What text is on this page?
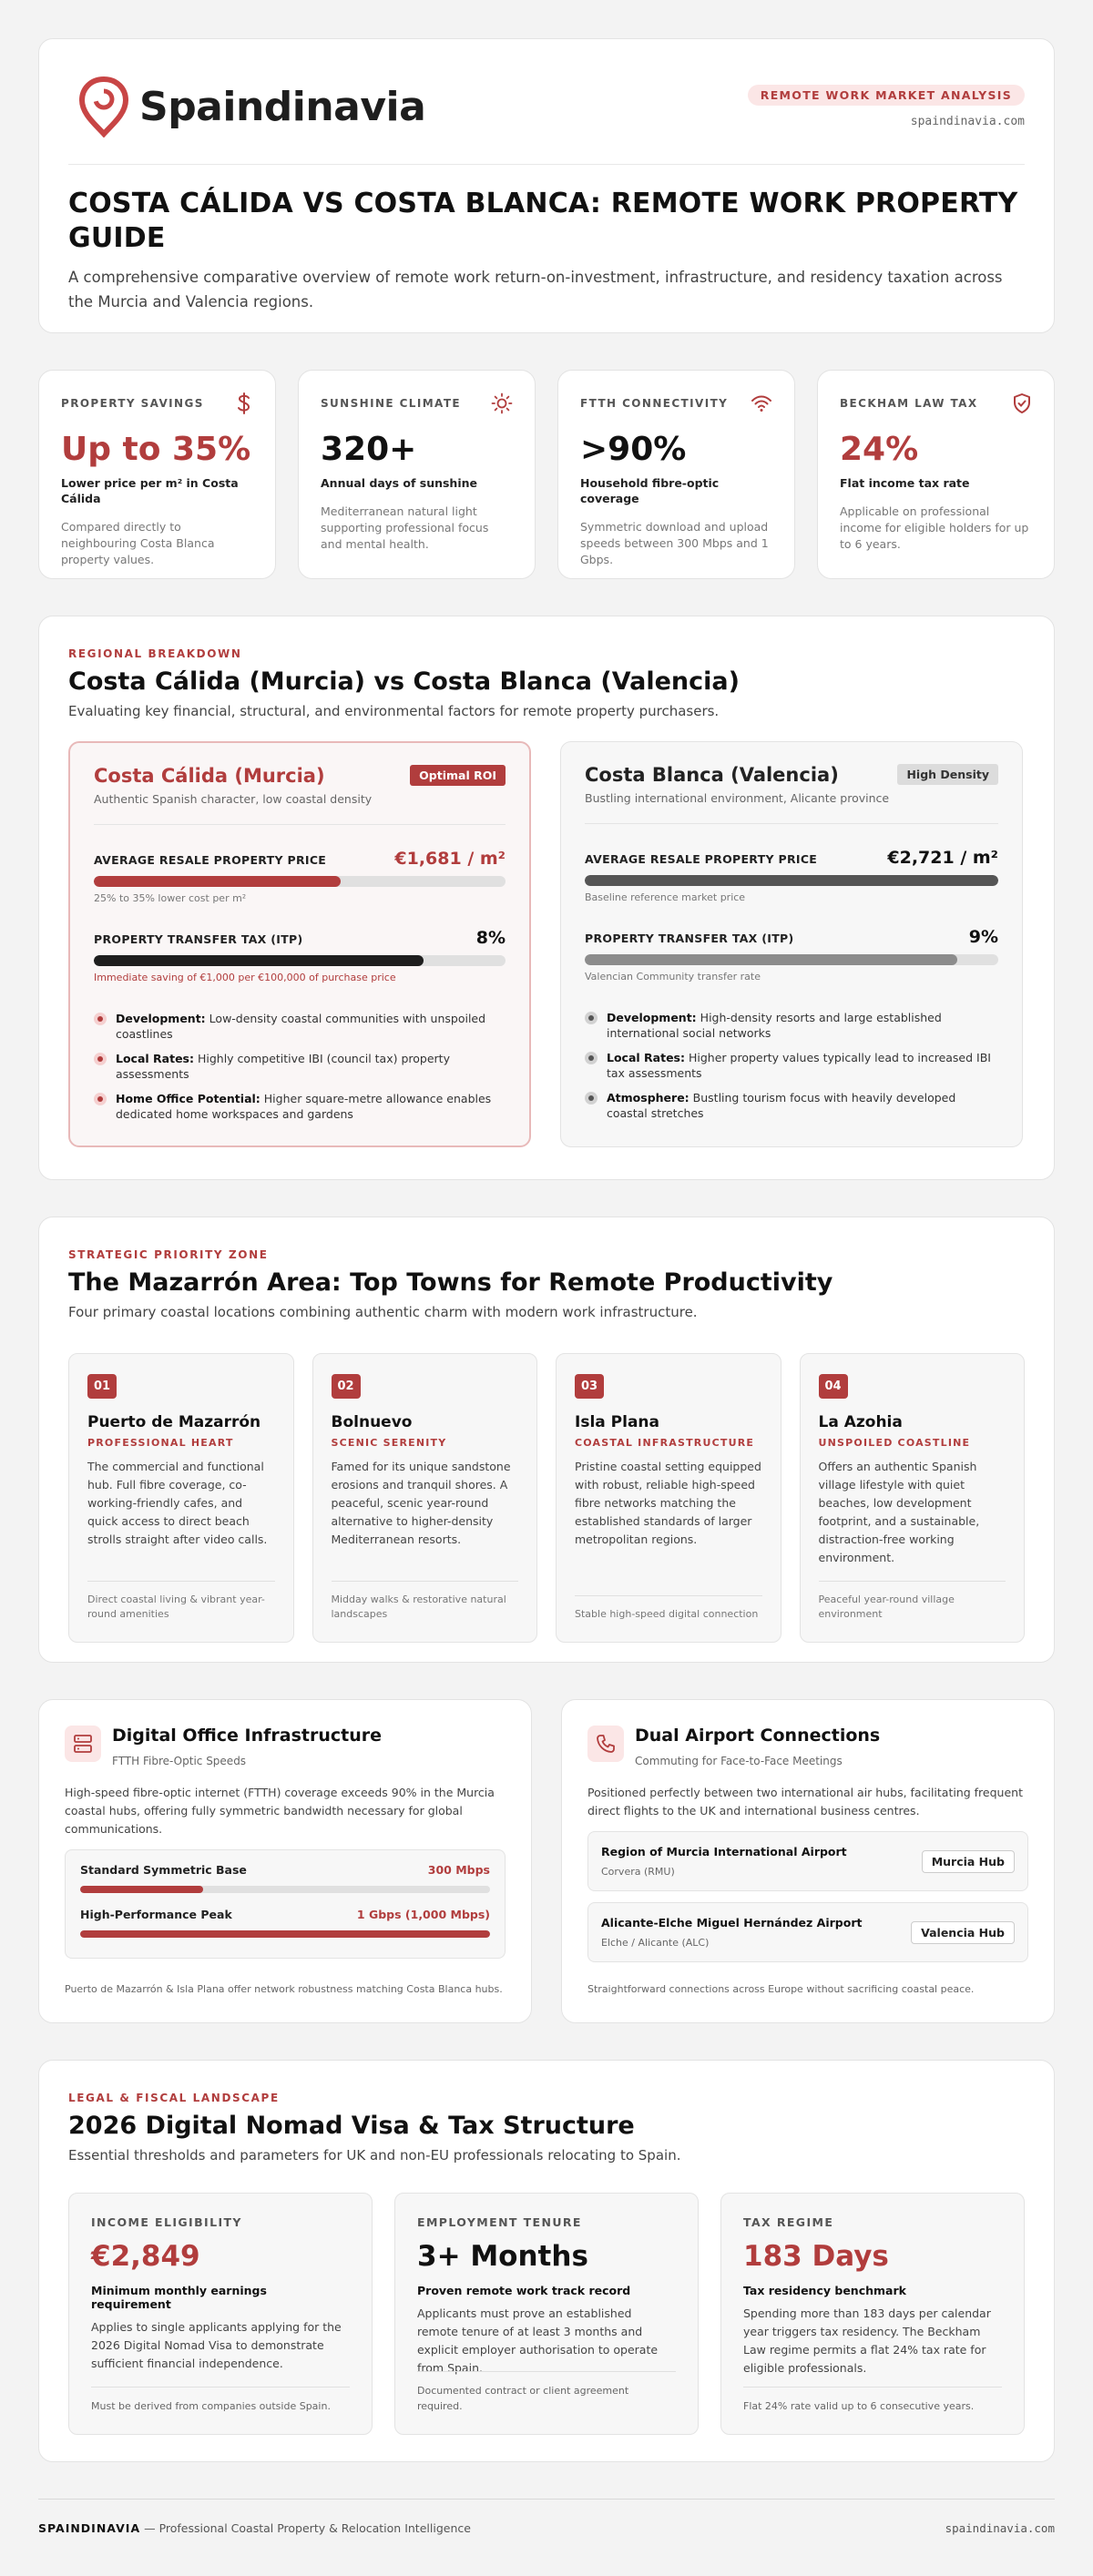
Spaindinavia	REMOTE WORK MARKET ANALYSIS
spaindinavia.com
COSTA CÁLIDA VS COSTA BLANCA: REMOTE WORK PROPERTY GUIDE

A comprehensive comparative overview of remote work return-on-investment, infrastructure, and residency taxation across the Murcia and Valencia regions.

PROPERTY SAVINGS
Up to 35%
Lower price per m² in Costa Cálida
Compared directly to neighbouring Costa Blanca property values.
SUNSHINE CLIMATE
320+
Annual days of sunshine
Mediterranean natural light supporting professional focus and mental health.
FTTH CONNECTIVITY
>90%
Household fibre-optic coverage
Symmetric download and upload speeds between 300 Mbps and 1 Gbps.
BECKHAM LAW TAX
24%
Flat income tax rate
Applicable on professional income for eligible holders for up to 6 years.
REGIONAL BREAKDOWN
Costa Cálida (Murcia) vs Costa Blanca (Valencia)

Evaluating key financial, structural, and environmental factors for remote property purchasers.

Costa Cálida (Murcia)
Authentic Spanish character, low coastal density
Optimal ROI
AVERAGE RESALE PROPERTY PRICE	€1,681 / m²
25% to 35% lower cost per m²
PROPERTY TRANSFER TAX (ITP)	8%
Immediate saving of €1,000 per €100,000 of purchase price
Development: Low-density coastal communities with unspoiled coastlines
Local Rates: Highly competitive IBI (council tax) property assessments
Home Office Potential: Higher square-metre allowance enables dedicated home workspaces and gardens
Costa Blanca (Valencia)
Bustling international environment, Alicante province
High Density
AVERAGE RESALE PROPERTY PRICE	€2,721 / m²
Baseline reference market price
PROPERTY TRANSFER TAX (ITP)	9%
Valencian Community transfer rate
Development: High-density resorts and large established international social networks
Local Rates: Higher property values typically lead to increased IBI tax assessments
Atmosphere: Bustling tourism focus with heavily developed coastal stretches
STRATEGIC PRIORITY ZONE
The Mazarrón Area: Top Towns for Remote Productivity

Four primary coastal locations combining authentic charm with modern work infrastructure.

01
Puerto de Mazarrón
PROFESSIONAL HEART
The commercial and functional hub. Full fibre coverage, co-working-friendly cafes, and quick access to direct beach strolls straight after video calls.
Direct coastal living & vibrant year-round amenities
02
Bolnuevo
SCENIC SERENITY
Famed for its unique sandstone erosions and tranquil shores. A peaceful, scenic year-round alternative to higher-density Mediterranean resorts.
Midday walks & restorative natural landscapes
03
Isla Plana
COASTAL INFRASTRUCTURE
Pristine coastal setting equipped with robust, reliable high-speed fibre networks matching the established standards of larger metropolitan regions.
Stable high-speed digital connection
04
La Azohia
UNSPOILED COASTLINE
Offers an authentic Spanish village lifestyle with quiet beaches, low development footprint, and a sustainable, distraction-free working environment.
Peaceful year-round village environment
Digital Office Infrastructure
FTTH Fibre-Optic Speeds

High-speed fibre-optic internet (FTTH) coverage exceeds 90% in the Murcia coastal hubs, offering fully symmetric bandwidth necessary for global communications.

Standard Symmetric Base	300 Mbps
High-Performance Peak	1 Gbps (1,000 Mbps)
Puerto de Mazarrón & Isla Plana offer network robustness matching Costa Blanca hubs.
Dual Airport Connections
Commuting for Face-to-Face Meetings

Positioned perfectly between two international air hubs, facilitating frequent direct flights to the UK and international business centres.

Region of Murcia International Airport
Corvera (RMU)
Murcia Hub
Alicante-Elche Miguel Hernández Airport
Elche / Alicante (ALC)
Valencia Hub
Straightforward connections across Europe without sacrificing coastal peace.
LEGAL & FISCAL LANDSCAPE
2026 Digital Nomad Visa & Tax Structure

Essential thresholds and parameters for UK and non-EU professionals relocating to Spain.

INCOME ELIGIBILITY
€2,849
Minimum monthly earnings requirement
Applies to single applicants applying for the 2026 Digital Nomad Visa to demonstrate sufficient financial independence.
Must be derived from companies outside Spain.
EMPLOYMENT TENURE
3+ Months
Proven remote work track record
Applicants must prove an established remote tenure of at least 3 months and explicit employer authorisation to operate from Spain.
Documented contract or client agreement required.
TAX REGIME
183 Days
Tax residency benchmark
Spending more than 183 days per calendar year triggers tax residency. The Beckham Law regime permits a flat 24% tax rate for eligible professionals.
Flat 24% rate valid up to 6 consecutive years.
SPAINDINAVIA — Professional Coastal Property & Relocation Intelligence	spaindinavia.com
